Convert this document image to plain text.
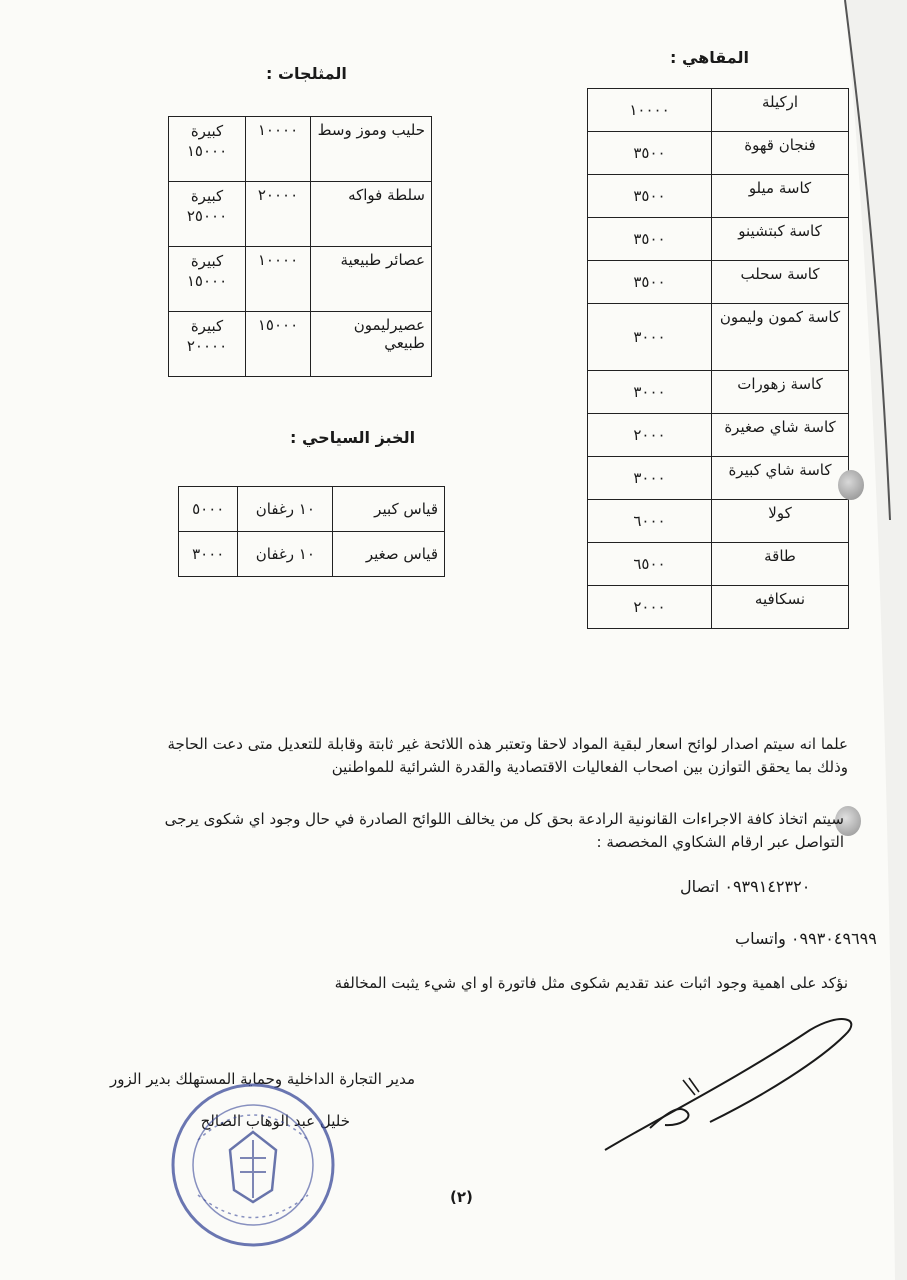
المقاهي :
اركيلة	١٠٠٠٠
فنجان قهوة	٣٥٠٠
كاسة ميلو	٣٥٠٠
كاسة كبتشينو	٣٥٠٠
كاسة سحلب	٣٥٠٠
كاسة كمون وليمون	٣٠٠٠
كاسة زهورات	٣٠٠٠
كاسة شاي صغيرة	٢٠٠٠
كاسة شاي كبيرة	٣٠٠٠
كولا	٦٠٠٠
طاقة	٦٥٠٠
نسكافيه	٢٠٠٠
المثلجات :
حليب وموز وسط	١٠٠٠٠	كبيرة
١٥٠٠٠

سلطة فواكه	٢٠٠٠٠	كبيرة
٢٥٠٠٠

عصائر طبيعية	١٠٠٠٠	كبيرة
١٥٠٠٠

عصيرليمون طبيعي	١٥٠٠٠	كبيرة
٢٠٠٠٠
الخبز السياحي :
قياس كبير	١٠ رغفان	٥٠٠٠
قياس صغير	١٠ رغفان	٣٠٠٠
علما انه سيتم اصدار لوائح اسعار لبقية المواد لاحقا وتعتبر هذه اللائحة غير ثابتة وقابلة للتعديل متى دعت الحاجة
وذلك بما يحقق التوازن بين اصحاب الفعاليات الاقتصادية والقدرة الشرائية للمواطنين
سيتم اتخاذ كافة الاجراءات القانونية الرادعة بحق كل من يخالف اللوائح الصادرة في حال وجود اي شكوى يرجى
التواصل عبر ارقام الشكاوي المخصصة :
٠٩٣٩١٤٢٣٢٠ اتصال
٠٩٩٣٠٤٩٦٩٩ واتساب
نؤكد على اهمية وجود اثبات عند تقديم شكوى مثل فاتورة او اي شيء يثبت المخالفة
مدير التجارة الداخلية وحماية المستهلك بدير الزور
خليل عبد الوهاب الصالح
(٢)
